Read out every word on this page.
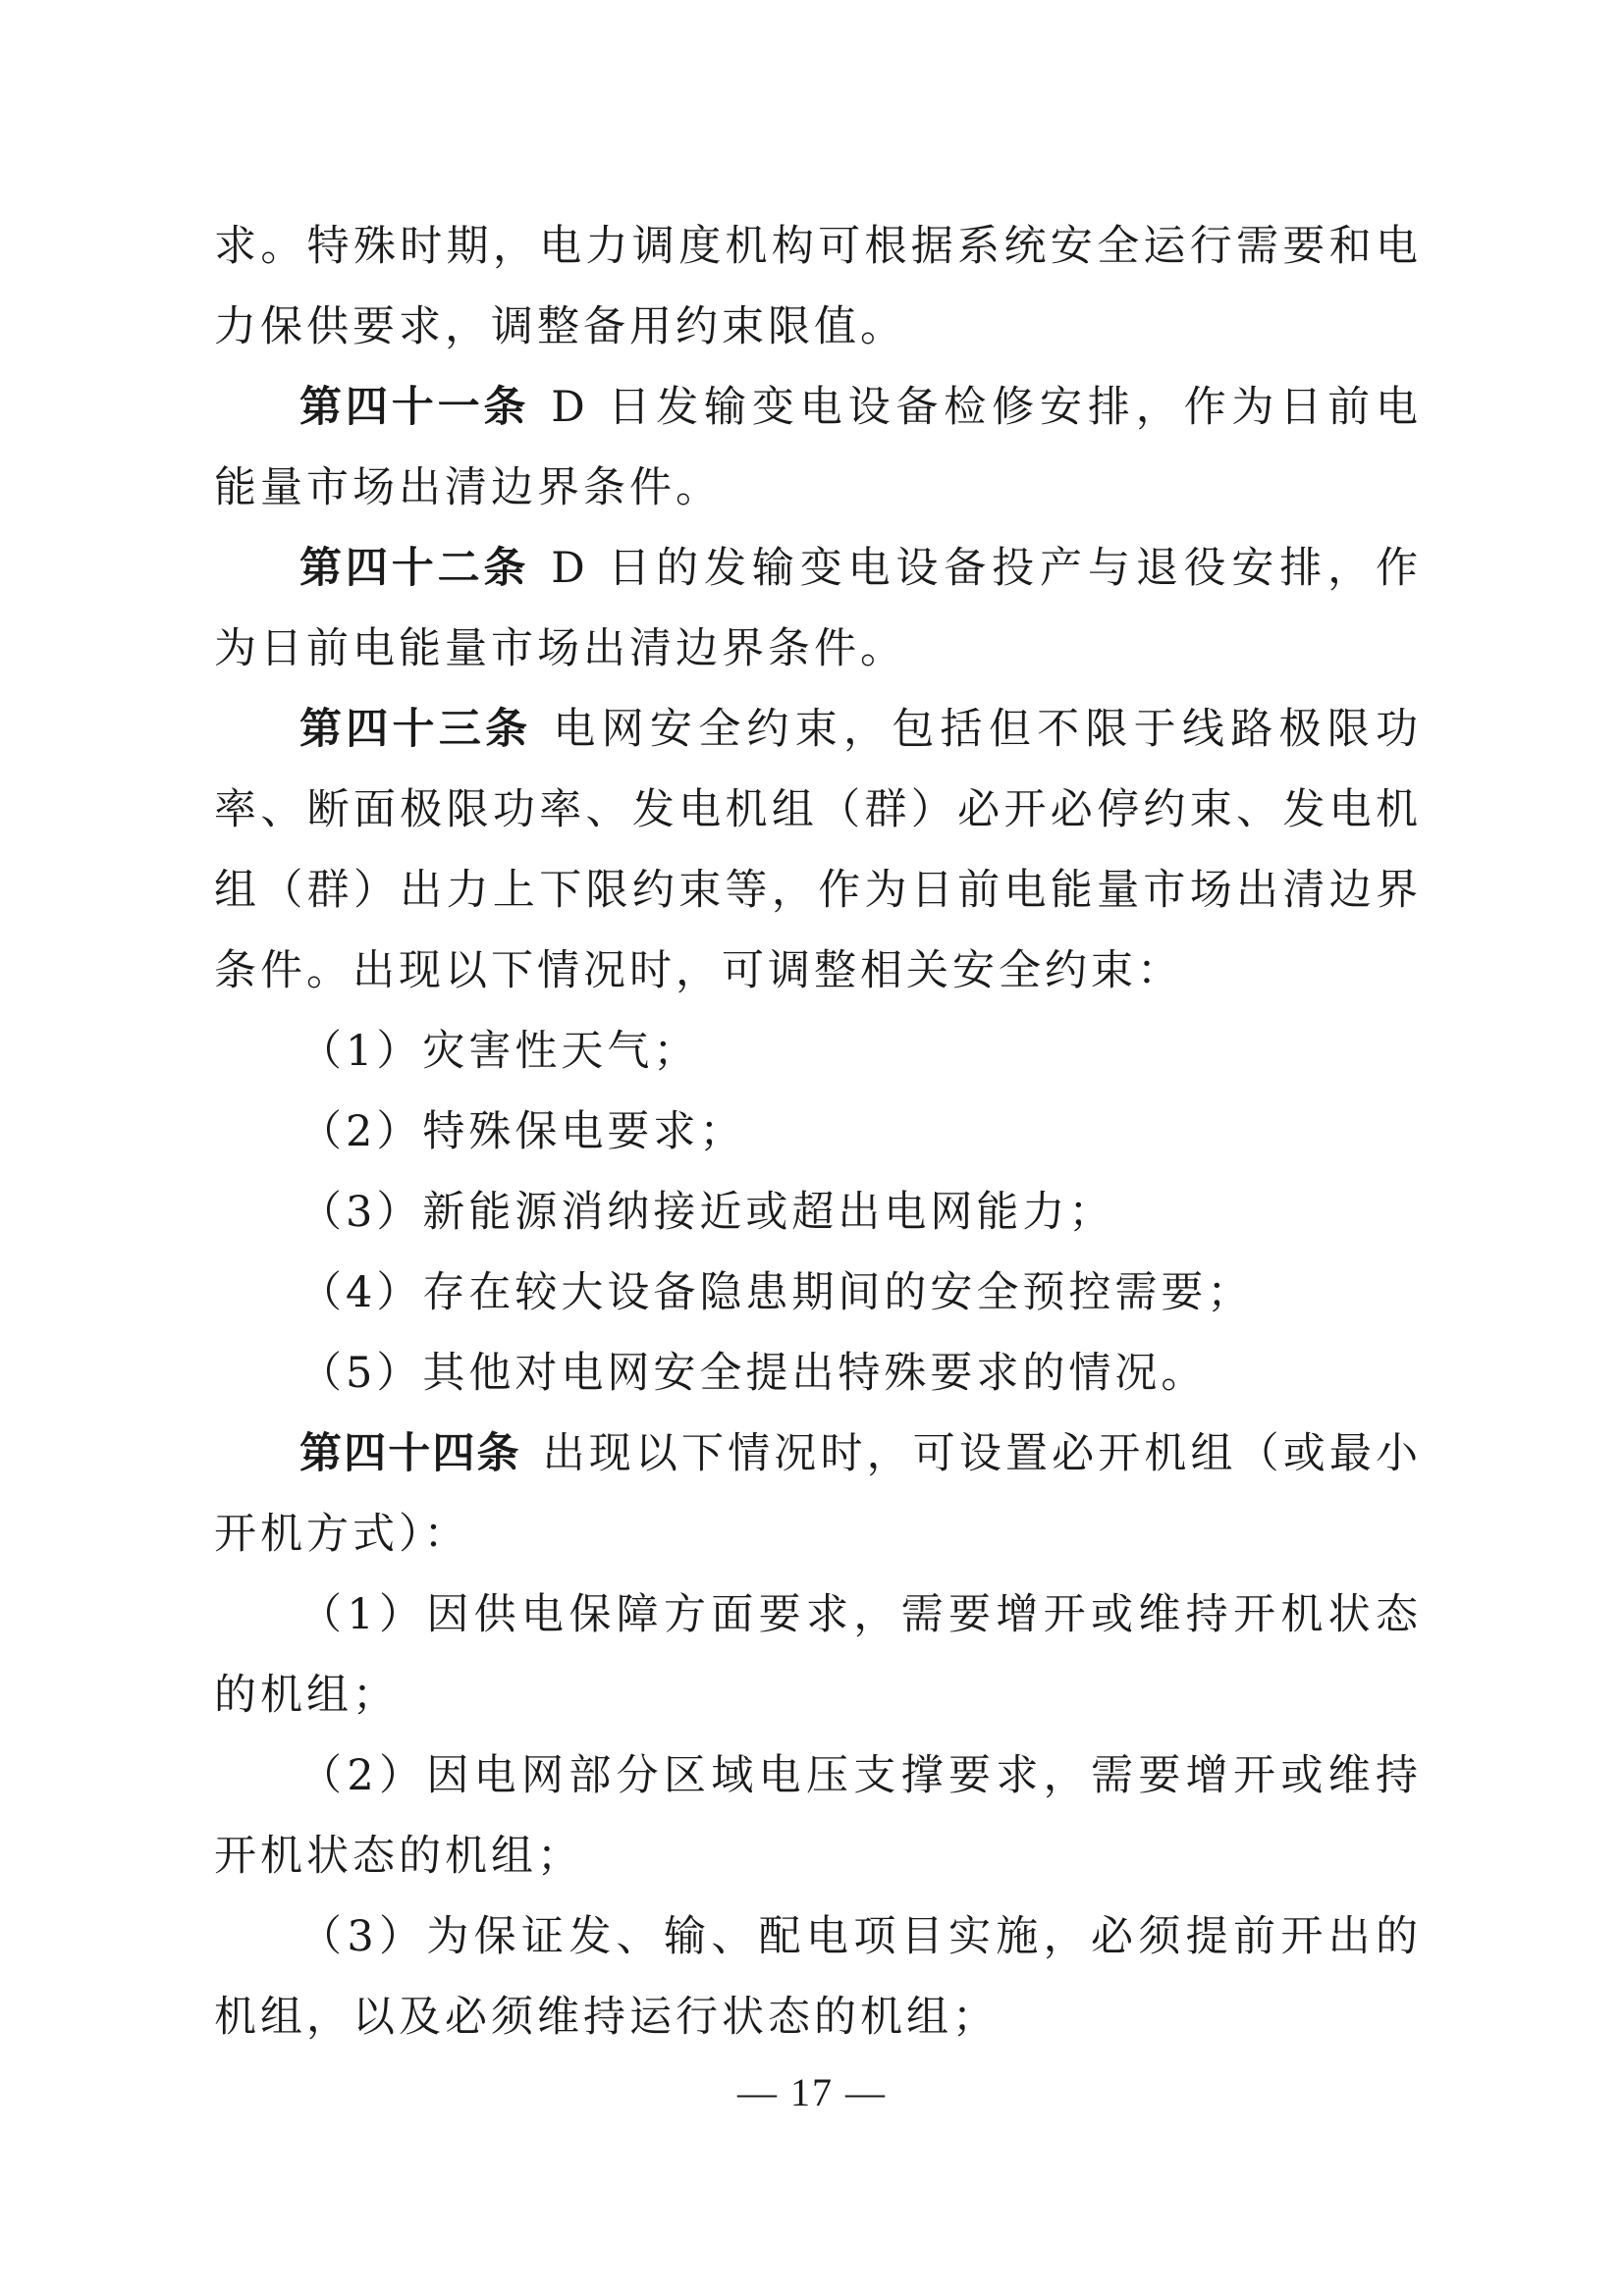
求。特殊时期，电力调度机构可根据系统安全运行需要和电力保供要求，调整备用约束限值。

第四十一条 D 日发输变电设备检修安排，作为日前电能量市场出清边界条件。

第四十二条 D 日的发输变电设备投产与退役安排，作为日前电能量市场出清边界条件。

第四十三条 电网安全约束，包括但不限于线路极限功率、断面极限功率、发电机组（群）必开必停约束、发电机组（群）出力上下限约束等，作为日前电能量市场出清边界条件。出现以下情况时，可调整相关安全约束：

（1）灾害性天气；

（2）特殊保电要求；

（3）新能源消纳接近或超出电网能力；

（4）存在较大设备隐患期间的安全预控需要；

（5）其他对电网安全提出特殊要求的情况。

第四十四条 出现以下情况时，可设置必开机组（或最小开机方式）：

（1）因供电保障方面要求，需要增开或维持开机状态的机组；

（2）因电网部分区域电压支撑要求，需要增开或维持开机状态的机组；

（3）为保证发、输、配电项目实施，必须提前开出的机组，以及必须维持运行状态的机组；

— 17 —
